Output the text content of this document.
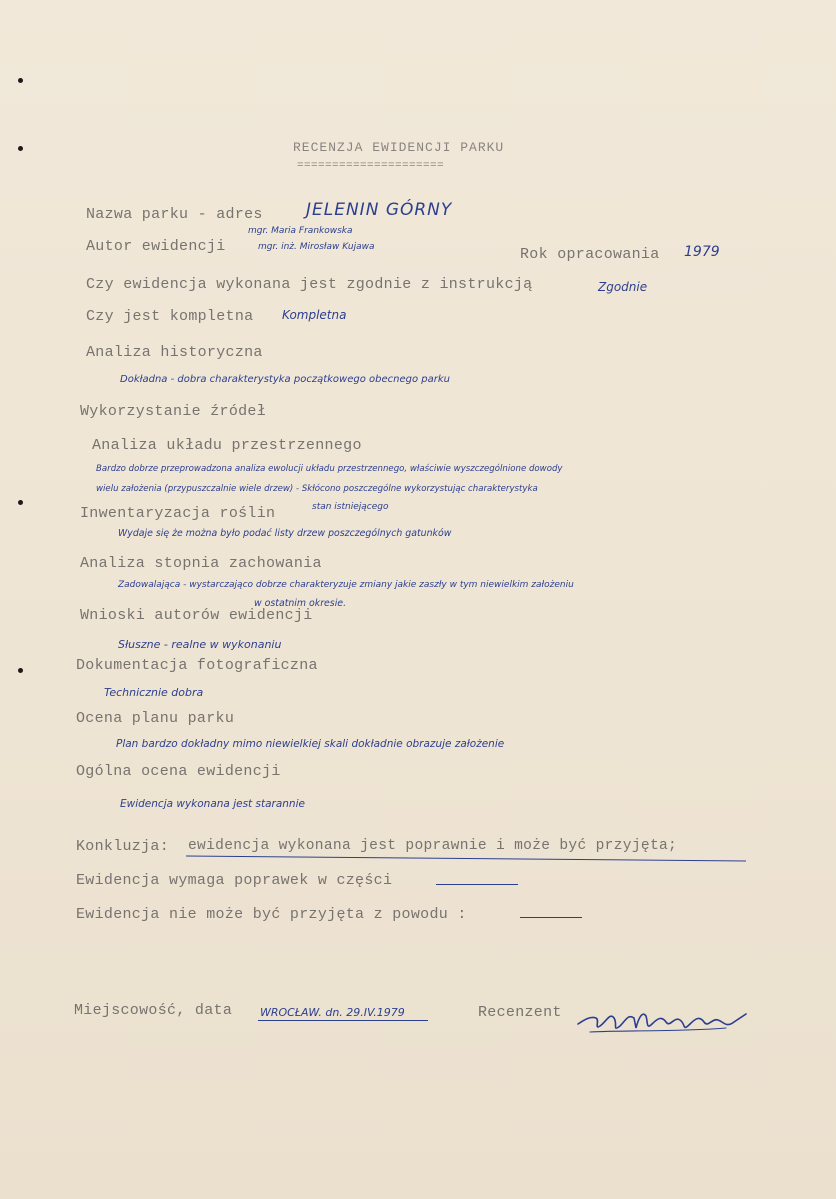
RECENZJA EWIDENCJI PARKU
=====================
Nazwa parku - adres	JELENIN GÓRNY
mgr. Maria Frankowska
Autor ewidencji	mgr. inż. Mirosław Kujawa	Rok opracowania 1979
Czy ewidencja wykonana jest zgodnie z instrukcją	Zgodnie
Czy jest kompletna Kompletna
Analiza historyczna
Dokładna - dobra charakterystyka początkowego obecnego parku
Wykorzystanie źródeł
Analiza układu przestrzennego
Bardzo dobrze przeprowadzona analiza ewolucji układu przestrzennego, właściwie wyszczególnione dowody
wielu założenia (przypuszczalnie wiele drzew) - Skłócono poszczególne wykorzystując charakterystyka
Inwentaryzacja roślin	stan istniejącego
Wydaje się że można było podać listy drzew poszczególnych gatunków
Analiza stopnia zachowania
Zadowalająca - wystarczająco dobrze charakteryzuje zmiany jakie zaszły w tym niewielkim założeniu
w ostatnim okresie.
Wnioski autorów ewidencji
Słuszne - realne w wykonaniu
Dokumentacja fotograficzna
Technicznie dobra
Ocena planu parku
Plan bardzo dokładny mimo niewielkiej skali dokładnie obrazuje założenie
Ogólna ocena ewidencji
Ewidencja wykonana jest starannie
Konkluzja: ewidencja wykonana jest poprawnie i może być przyjęta;
Ewidencja wymaga poprawek w części
Ewidencja nie może być przyjęta z powodu :
Miejscowość, data	WROCŁAW. dn. 29.IV.1979	Recenzent
